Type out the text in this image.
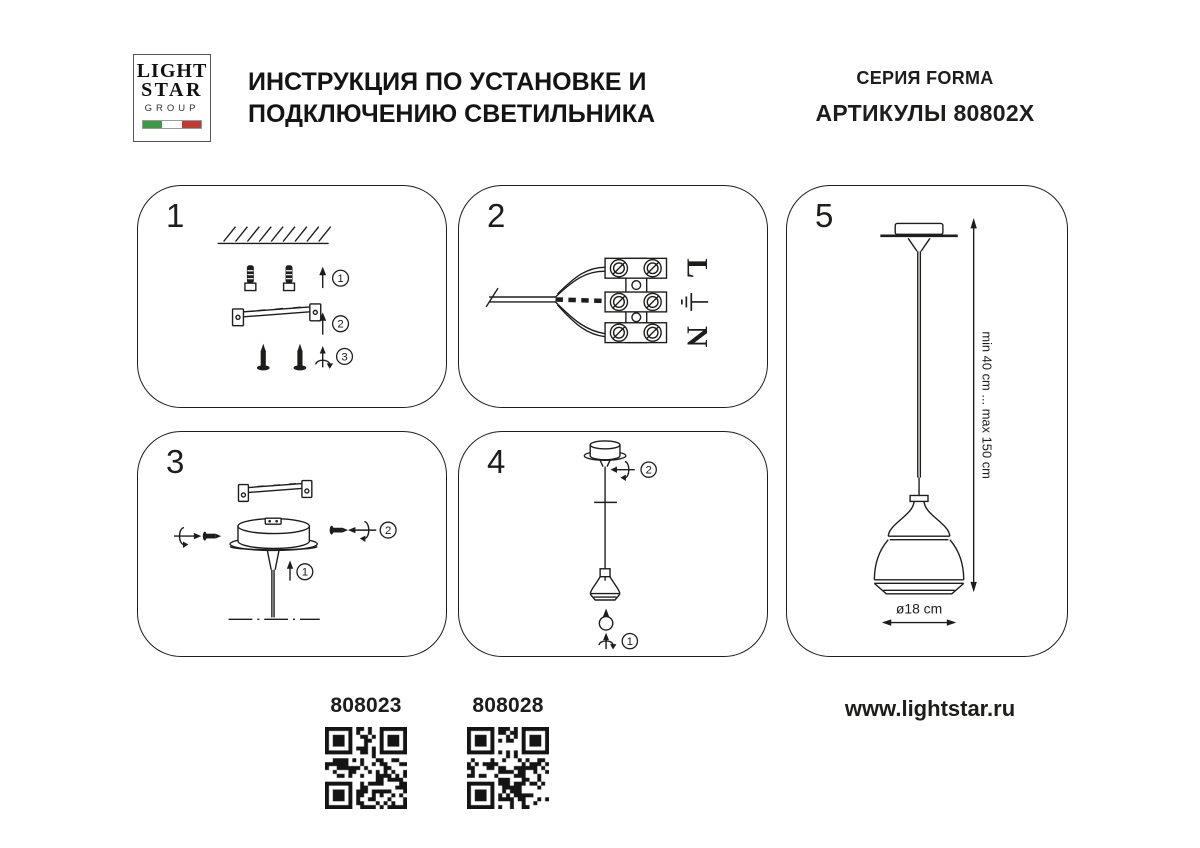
LIGHT
STAR
GROUP
ИНСТРУКЦИЯ ПО УСТАНОВКЕ И
ПОДКЛЮЧЕНИЮ СВЕТИЛЬНИКА
СЕРИЯ FORMA
АРТИКУЛЫ 80802X
1
1
2
3
2
L
N
3
2
1
4	2
1
5
ø18 cm
min 40 cm ... max 150 cm
808023	808028	www.lightstar.ru
